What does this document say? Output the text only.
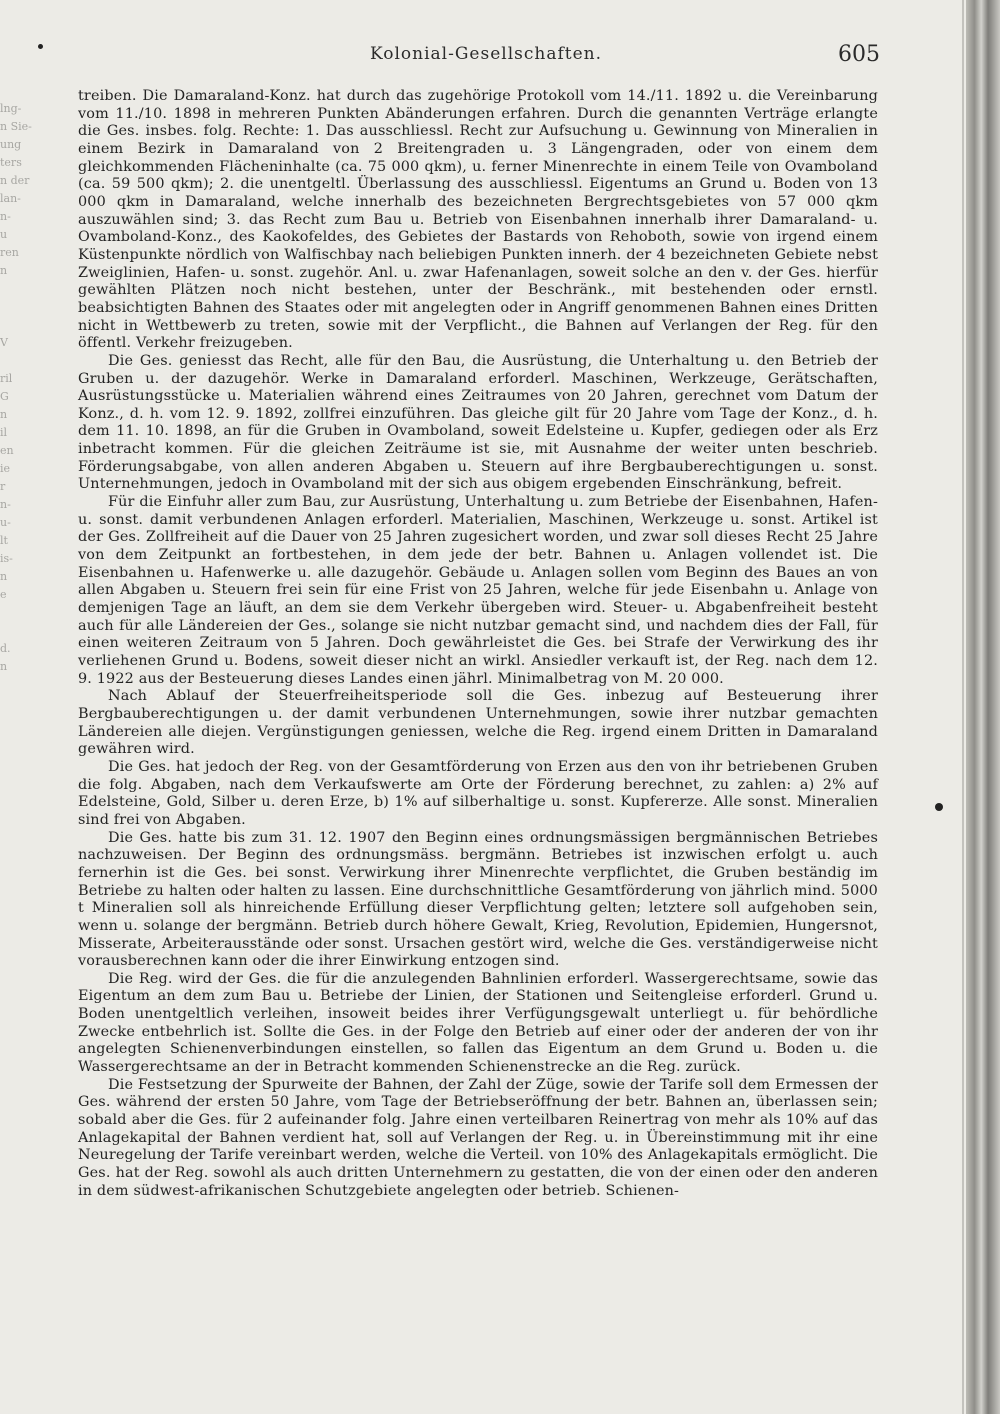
lng-
n Sie-
ung
ters
n der
lan-
n-
u
ren
n

V

ril
G
n
il
en
ie
r
n-
u-
lt
is-
n
e

d.
n
Kolonial-Gesellschaften.	605

treiben. Die Damaraland-Konz. hat durch das zugehörige Protokoll vom 14./11. 1892 u. die Vereinbarung vom 11./10. 1898 in mehreren Punkten Abänderungen erfahren. Durch die genannten Verträge erlangte die Ges. insbes. folg. Rechte: 1. Das ausschliessl. Recht zur Aufsuchung u. Gewinnung von Mineralien in einem Bezirk in Damaraland von 2 Breitengraden u. 3 Längengraden, oder von einem dem gleichkommenden Flächeninhalte (ca. 75 000 qkm), u. ferner Minenrechte in einem Teile von Ovamboland (ca. 59 500 qkm); 2. die unentgeltl. Überlassung des ausschliessl. Eigentums an Grund u. Boden von 13 000 qkm in Damaraland, welche innerhalb des bezeichneten Bergrechtsgebietes von 57 000 qkm auszuwählen sind; 3. das Recht zum Bau u. Betrieb von Eisenbahnen innerhalb ihrer Damaraland- u. Ovamboland-Konz., des Kaokofeldes, des Gebietes der Bastards von Rehoboth, sowie von irgend einem Küstenpunkte nördlich von Walfischbay nach beliebigen Punkten innerh. der 4 bezeichneten Gebiete nebst Zweiglinien, Hafen- u. sonst. zugehör. Anl. u. zwar Hafenanlagen, soweit solche an den v. der Ges. hierfür gewählten Plätzen noch nicht bestehen, unter der Beschränk., mit bestehenden oder ernstl. beabsichtigten Bahnen des Staates oder mit angelegten oder in Angriff genommenen Bahnen eines Dritten nicht in Wettbewerb zu treten, sowie mit der Verpflicht., die Bahnen auf Verlangen der Reg. für den öffentl. Verkehr freizugeben.

Die Ges. geniesst das Recht, alle für den Bau, die Ausrüstung, die Unterhaltung u. den Betrieb der Gruben u. der dazugehör. Werke in Damaraland erforderl. Maschinen, Werkzeuge, Gerätschaften, Ausrüstungsstücke u. Materialien während eines Zeitraumes von 20 Jahren, gerechnet vom Datum der Konz., d. h. vom 12. 9. 1892, zollfrei einzuführen. Das gleiche gilt für 20 Jahre vom Tage der Konz., d. h. dem 11. 10. 1898, an für die Gruben in Ovamboland, soweit Edelsteine u. Kupfer, gediegen oder als Erz inbetracht kommen. Für die gleichen Zeiträume ist sie, mit Ausnahme der weiter unten beschrieb. Förderungsabgabe, von allen anderen Abgaben u. Steuern auf ihre Bergbauberechtigungen u. sonst. Unternehmungen, jedoch in Ovamboland mit der sich aus obigem ergebenden Einschränkung, befreit.

Für die Einfuhr aller zum Bau, zur Ausrüstung, Unterhaltung u. zum Betriebe der Eisenbahnen, Hafen- u. sonst. damit verbundenen Anlagen erforderl. Materialien, Maschinen, Werkzeuge u. sonst. Artikel ist der Ges. Zollfreiheit auf die Dauer von 25 Jahren zugesichert worden, und zwar soll dieses Recht 25 Jahre von dem Zeitpunkt an fortbestehen, in dem jede der betr. Bahnen u. Anlagen vollendet ist. Die Eisenbahnen u. Hafenwerke u. alle dazugehör. Gebäude u. Anlagen sollen vom Beginn des Baues an von allen Abgaben u. Steuern frei sein für eine Frist von 25 Jahren, welche für jede Eisenbahn u. Anlage von demjenigen Tage an läuft, an dem sie dem Verkehr übergeben wird. Steuer- u. Abgabenfreiheit besteht auch für alle Ländereien der Ges., solange sie nicht nutzbar gemacht sind, und nachdem dies der Fall, für einen weiteren Zeitraum von 5 Jahren. Doch gewährleistet die Ges. bei Strafe der Verwirkung des ihr verliehenen Grund u. Bodens, soweit dieser nicht an wirkl. Ansiedler verkauft ist, der Reg. nach dem 12. 9. 1922 aus der Besteuerung dieses Landes einen jährl. Minimalbetrag von M. 20 000.

Nach Ablauf der Steuerfreiheitsperiode soll die Ges. inbezug auf Besteuerung ihrer Bergbauberechtigungen u. der damit verbundenen Unternehmungen, sowie ihrer nutzbar gemachten Ländereien alle diejen. Vergünstigungen geniessen, welche die Reg. irgend einem Dritten in Damaraland gewähren wird.

Die Ges. hat jedoch der Reg. von der Gesamtförderung von Erzen aus den von ihr betriebenen Gruben die folg. Abgaben, nach dem Verkaufswerte am Orte der Förderung berechnet, zu zahlen: a) 2% auf Edelsteine, Gold, Silber u. deren Erze, b) 1% auf silberhaltige u. sonst. Kupfererze. Alle sonst. Mineralien sind frei von Abgaben.

Die Ges. hatte bis zum 31. 12. 1907 den Beginn eines ordnungsmässigen bergmännischen Betriebes nachzuweisen. Der Beginn des ordnungsmäss. bergmänn. Betriebes ist inzwischen erfolgt u. auch fernerhin ist die Ges. bei sonst. Verwirkung ihrer Minenrechte verpflichtet, die Gruben beständig im Betriebe zu halten oder halten zu lassen. Eine durchschnittliche Gesamtförderung von jährlich mind. 5000 t Mineralien soll als hinreichende Erfüllung dieser Verpflichtung gelten; letztere soll aufgehoben sein, wenn u. solange der bergmänn. Betrieb durch höhere Gewalt, Krieg, Revolution, Epidemien, Hungersnot, Misserate, Arbeiterausstände oder sonst. Ursachen gestört wird, welche die Ges. verständigerweise nicht vorausberechnen kann oder die ihrer Einwirkung entzogen sind.

Die Reg. wird der Ges. die für die anzulegenden Bahnlinien erforderl. Wassergerechtsame, sowie das Eigentum an dem zum Bau u. Betriebe der Linien, der Stationen und Seitengleise erforderl. Grund u. Boden unentgeltlich verleihen, insoweit beides ihrer Verfügungsgewalt unterliegt u. für behördliche Zwecke entbehrlich ist. Sollte die Ges. in der Folge den Betrieb auf einer oder der anderen der von ihr angelegten Schienenverbindungen einstellen, so fallen das Eigentum an dem Grund u. Boden u. die Wassergerechtsame an der in Betracht kommenden Schienenstrecke an die Reg. zurück.

Die Festsetzung der Spurweite der Bahnen, der Zahl der Züge, sowie der Tarife soll dem Ermessen der Ges. während der ersten 50 Jahre, vom Tage der Betriebseröffnung der betr. Bahnen an, überlassen sein; sobald aber die Ges. für 2 aufeinander folg. Jahre einen verteilbaren Reinertrag von mehr als 10% auf das Anlagekapital der Bahnen verdient hat, soll auf Verlangen der Reg. u. in Übereinstimmung mit ihr eine Neuregelung der Tarife vereinbart werden, welche die Verteil. von 10% des Anlagekapitals ermöglicht. Die Ges. hat der Reg. sowohl als auch dritten Unternehmern zu gestatten, die von der einen oder den anderen in dem südwest-afrikanischen Schutzgebiete angelegten oder betrieb. Schienen-
